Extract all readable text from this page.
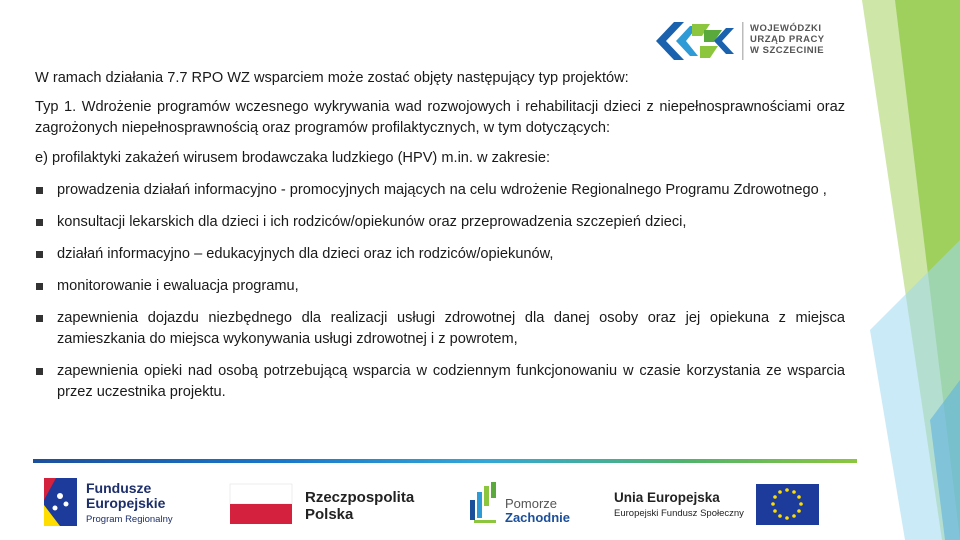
WOJEWÓDZKI
URZĄD PRACY
W SZCZECINIE

W ramach działania 7.7 RPO WZ wsparciem może zostać objęty następujący typ projektów:

Typ 1. Wdrożenie programów wczesnego wykrywania wad rozwojowych i rehabilitacji dzieci z niepełnosprawnościami oraz zagrożonych niepełnosprawnością oraz programów profilaktycznych, w tym dotyczących:

e) profilaktyki zakażeń wirusem brodawczaka ludzkiego (HPV) m.in. w zakresie:

prowadzenia działań informacyjno - promocyjnych mających na celu wdrożenie Regionalnego Programu Zdrowotnego ,
konsultacji lekarskich dla dzieci i ich rodziców/opiekunów oraz przeprowadzenia szczepień dzieci,
działań informacyjno – edukacyjnych dla dzieci oraz ich rodziców/opiekunów,
monitorowanie i ewaluacja programu,
zapewnienia dojazdu niezbędnego dla realizacji usługi zdrowotnej dla danej osoby oraz jej opiekuna z miejsca zamieszkania do miejsca wykonywania usługi zdrowotnej i z powrotem,
zapewnienia opieki nad osobą potrzebującą wsparcia w codziennym funkcjonowaniu w czasie korzystania ze wsparcia przez uczestnika projektu.
Fundusze
Europejskie
Program Regionalny
Rzeczpospolita
Polska
Pomorze
Zachodnie
Unia Europejska
Europejski Fundusz Społeczny
